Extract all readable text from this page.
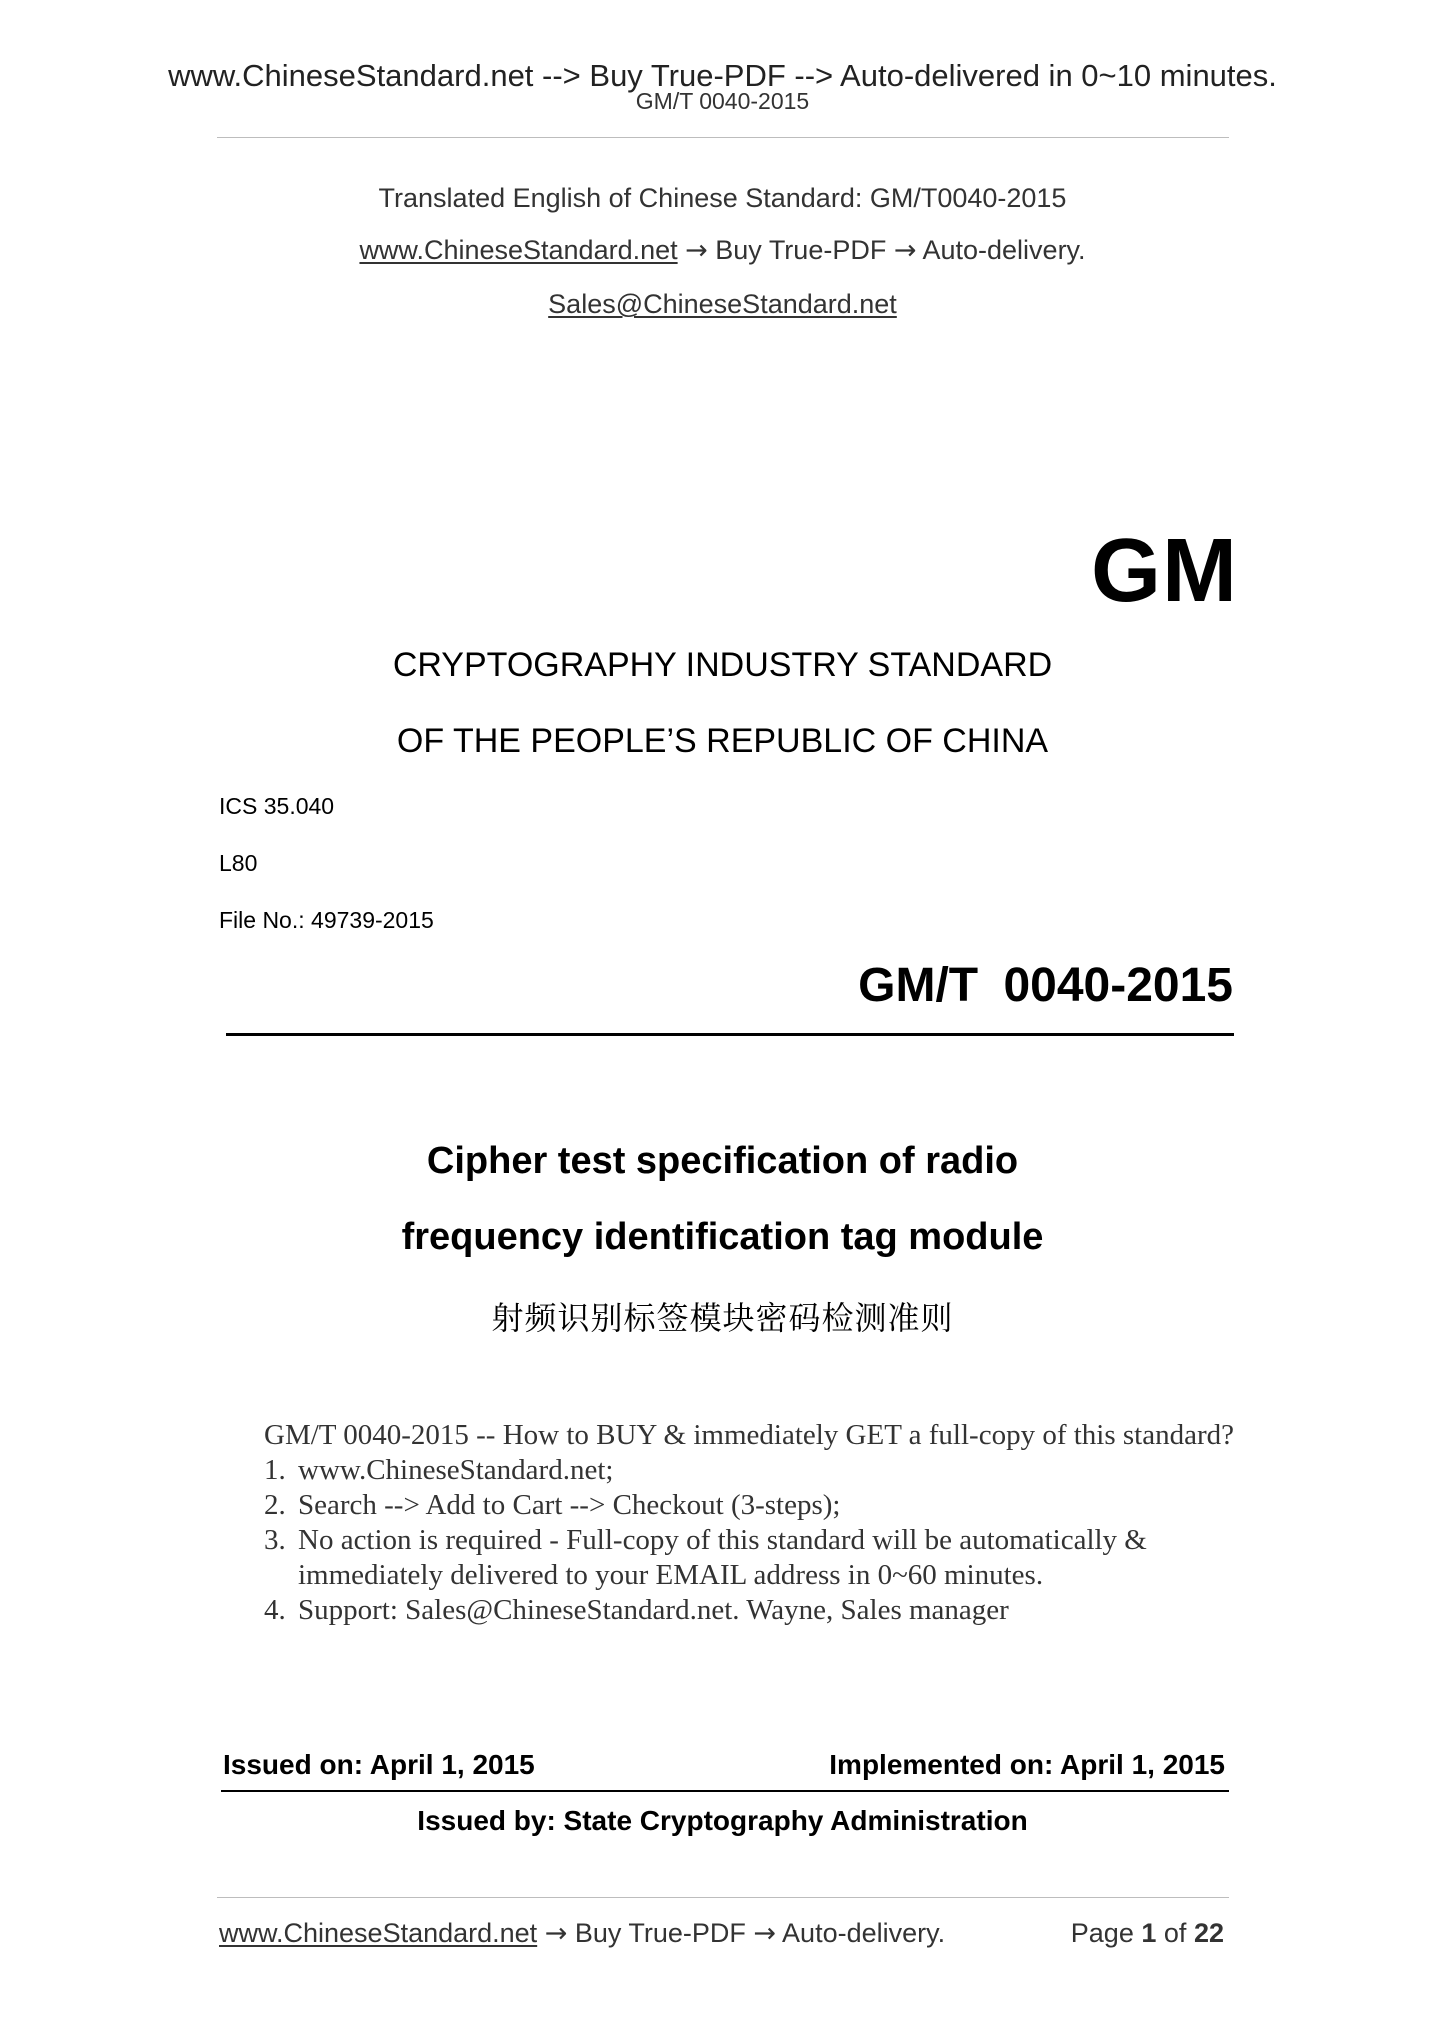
www.ChineseStandard.net --> Buy True-PDF --> Auto-delivered in 0~10 minutes.
GM/T 0040-2015
Translated English of Chinese Standard: GM/T0040-2015
www.ChineseStandard.net → Buy True-PDF → Auto-delivery.
Sales@ChineseStandard.net
GM
CRYPTOGRAPHY INDUSTRY STANDARD
OF THE PEOPLE’S REPUBLIC OF CHINA
ICS 35.040
L80
File No.: 49739-2015
GM/T 0040-2015
Cipher test specification of radio
frequency identification tag module
射频识别标签模块密码检测准则
GM/T 0040-2015 -- How to BUY & immediately GET a full-copy of this standard?
1. www.ChineseStandard.net;
2. Search --> Add to Cart --> Checkout (3-steps);
3. No action is required - Full-copy of this standard will be automatically &
immediately delivered to your EMAIL address in 0~60 minutes.
4. Support: Sales@ChineseStandard.net. Wayne, Sales manager
Issued on: April 1, 2015	Implemented on: April 1, 2015
Issued by: State Cryptography Administration
www.ChineseStandard.net → Buy True-PDF → Auto-delivery.	Page 1 of 22
